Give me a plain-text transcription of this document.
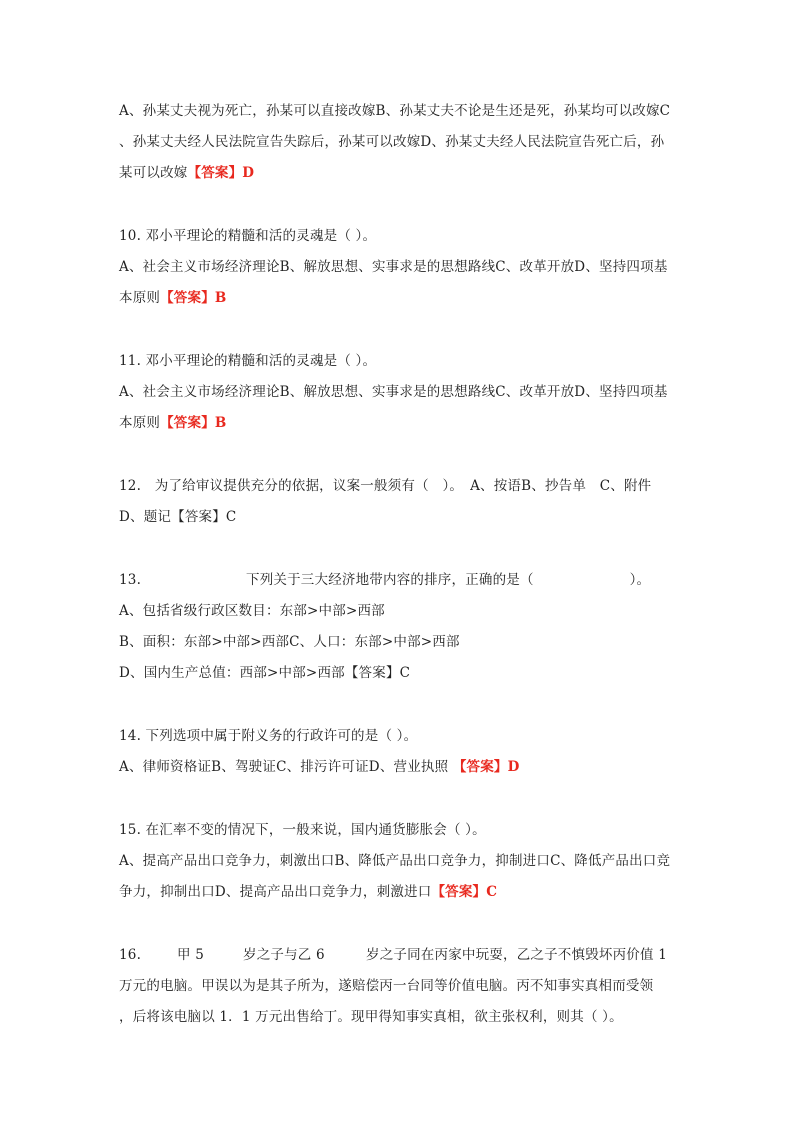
A、孙某丈夫视为死亡，孙某可以直接改嫁B、孙某丈夫不论是生还是死，孙某均可以改嫁C
、孙某丈夫经人民法院宣告失踪后，孙某可以改嫁D、孙某丈夫经人民法院宣告死亡后，孙
某可以改嫁【答案】D
10. 邓小平理论的精髓和活的灵魂是（ ）。
A、社会主义市场经济理论B、解放思想、实事求是的思想路线C、改革开放D、坚持四项基
本原则【答案】B
11. 邓小平理论的精髓和活的灵魂是（ ）。
A、社会主义市场经济理论B、解放思想、实事求是的思想路线C、改革开放D、坚持四项基
本原则【答案】B
12.　为了给审议提供充分的依据，议案一般须有（　）。　A、按语B、抄告单　C、附件
D、题记【答案】C
13.	下列关于三大经济地带内容的排序，正确的是（　　　　　　　）。
A、包括省级行政区数目：东部>中部>西部
B、面积：东部>中部>西部C、人口：东部>中部>西部
D、国内生产总值：西部>中部>西部【答案】C
14. 下列选项中属于附义务的行政许可的是（ ）。
A、律师资格证B、驾驶证C、排污许可证D、营业执照 【答案】D
15. 在汇率不变的情况下，一般来说，国内通货膨胀会（ ）。
A、提高产品出口竞争力，刺激出口B、降低产品出口竞争力，抑制进口C、降低产品出口竞
争力，抑制出口D、提高产品出口竞争力，刺激进口【答案】C
16.	甲 5	岁之子与乙 6	岁之子同在丙家中玩耍，乙之子不慎毁坏丙价值 1
万元的电脑。甲误以为是其子所为，遂赔偿丙一台同等价值电脑。丙不知事实真相而受领
，后将该电脑以 1．1 万元出售给丁。现甲得知事实真相，欲主张权利，则其（ ）。
